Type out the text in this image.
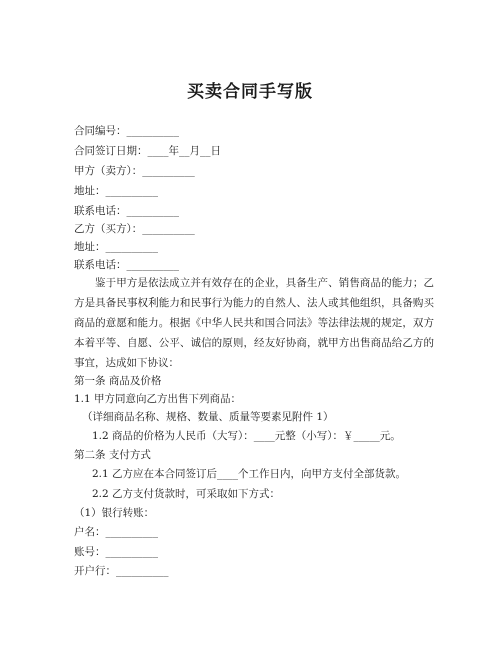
买卖合同手写版
合同编号：__________
合同签订日期：____年__月__日
甲方（卖方）：__________
地址：__________
联系电话：__________
乙方（买方）：__________
地址：__________
联系电话：__________
鉴于甲方是依法成立并有效存在的企业，具备生产、销售商品的能力；乙方是具备民事权利能力和民事行为能力的自然人、法人或其他组织，具备购买商品的意愿和能力。根据《中华人民共和国合同法》等法律法规的规定，双方本着平等、自愿、公平、诚信的原则，经友好协商，就甲方出售商品给乙方的事宜，达成如下协议：
第一条 商品及价格
1.1 甲方同意向乙方出售下列商品：
（详细商品名称、规格、数量、质量等要素见附件 1）
1.2 商品的价格为人民币（大写）：____元整（小写）：￥_____元。
第二条 支付方式
2.1 乙方应在本合同签订后____个工作日内，向甲方支付全部货款。
2.2 乙方支付货款时，可采取如下方式：
（1）银行转账：
户名：__________
账号：__________
开户行：__________
